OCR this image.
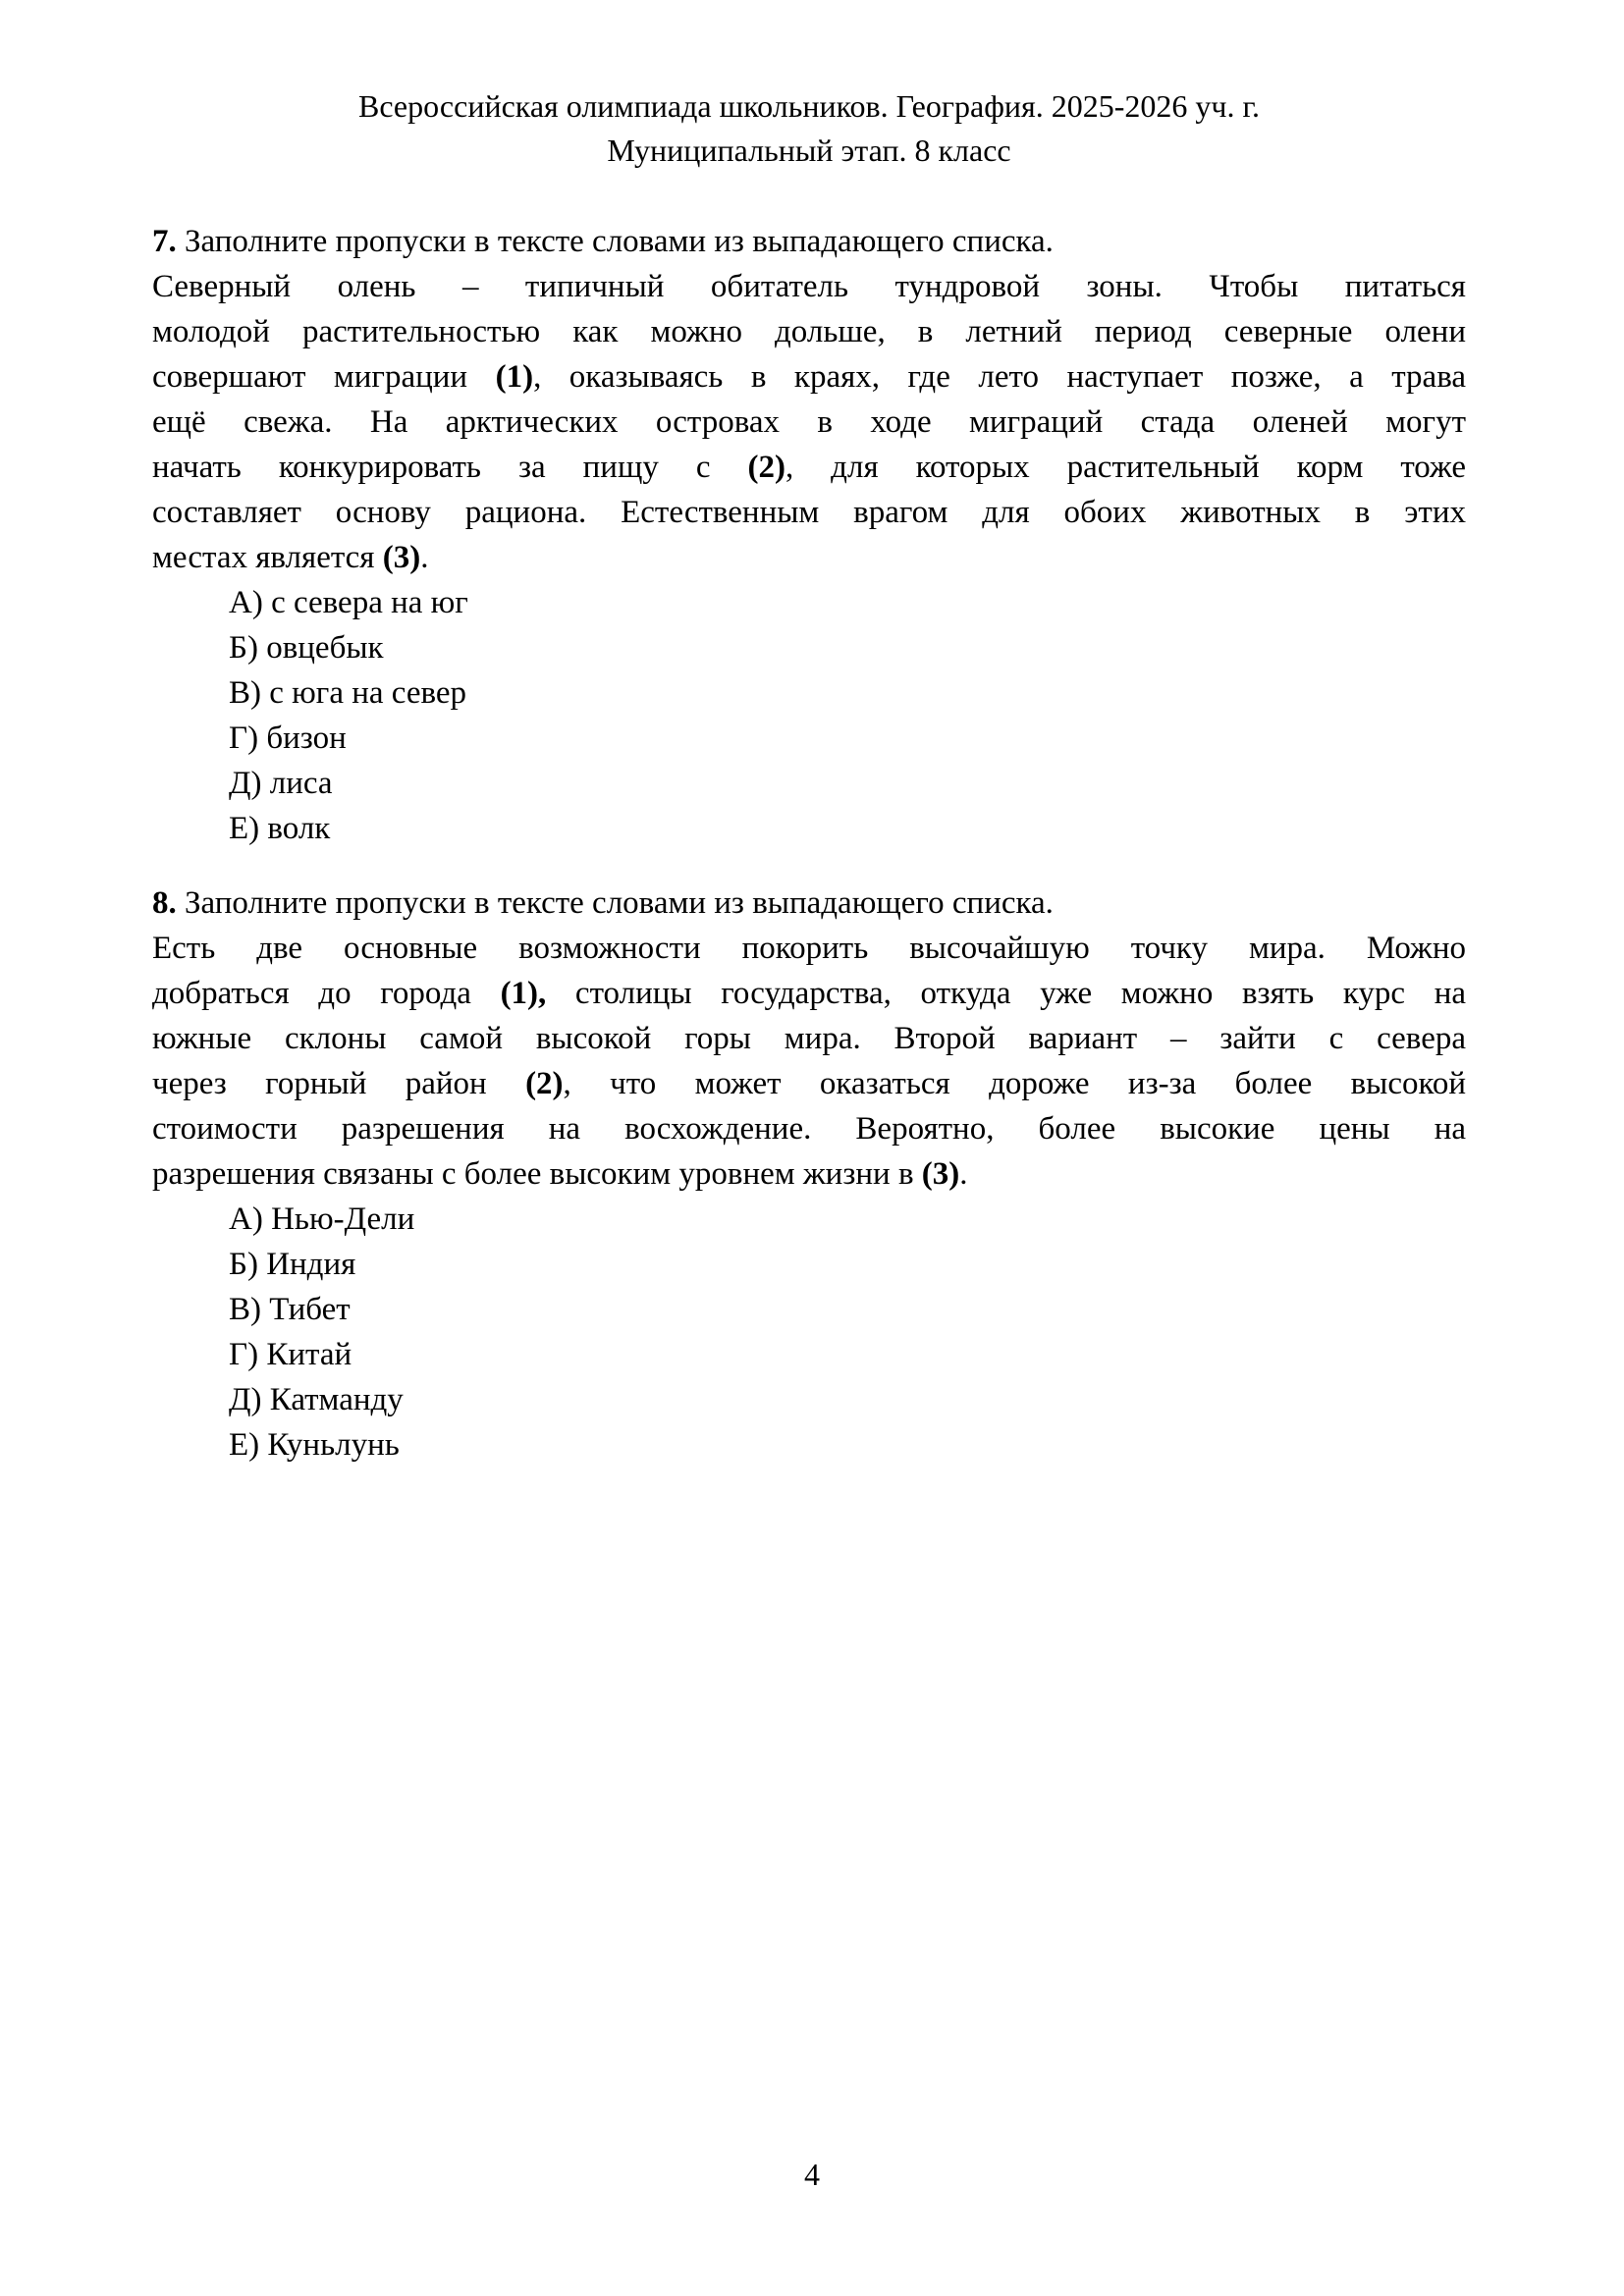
Всероссийская олимпиада школьников. География. 2025-2026 уч. г.
Муниципальный этап. 8 класс
7. Заполните пропуски в тексте словами из выпадающего списка.
Северный олень – типичный обитатель тундровой зоны. Чтобы питаться
молодой растительностью как можно дольше, в летний период северные олени
совершают миграции (1), оказываясь в краях, где лето наступает позже, а трава
ещё свежа. На арктических островах в ходе миграций стада оленей могут
начать конкурировать за пищу с (2), для которых растительный корм тоже
составляет основу рациона. Естественным врагом для обоих животных в этих
местах является (3).
А) с севера на юг
Б) овцебык
В) с юга на север
Г) бизон
Д) лиса
Е) волк
8. Заполните пропуски в тексте словами из выпадающего списка.
Есть две основные возможности покорить высочайшую точку мира. Можно
добраться до города (1), столицы государства, откуда уже можно взять курс на
южные склоны самой высокой горы мира. Второй вариант – зайти с севера
через горный район (2), что может оказаться дороже из-за более высокой
стоимости разрешения на восхождение. Вероятно, более высокие цены на
разрешения связаны с более высоким уровнем жизни в (3).
А) Нью-Дели
Б) Индия
В) Тибет
Г) Китай
Д) Катманду
Е) Куньлунь
4
